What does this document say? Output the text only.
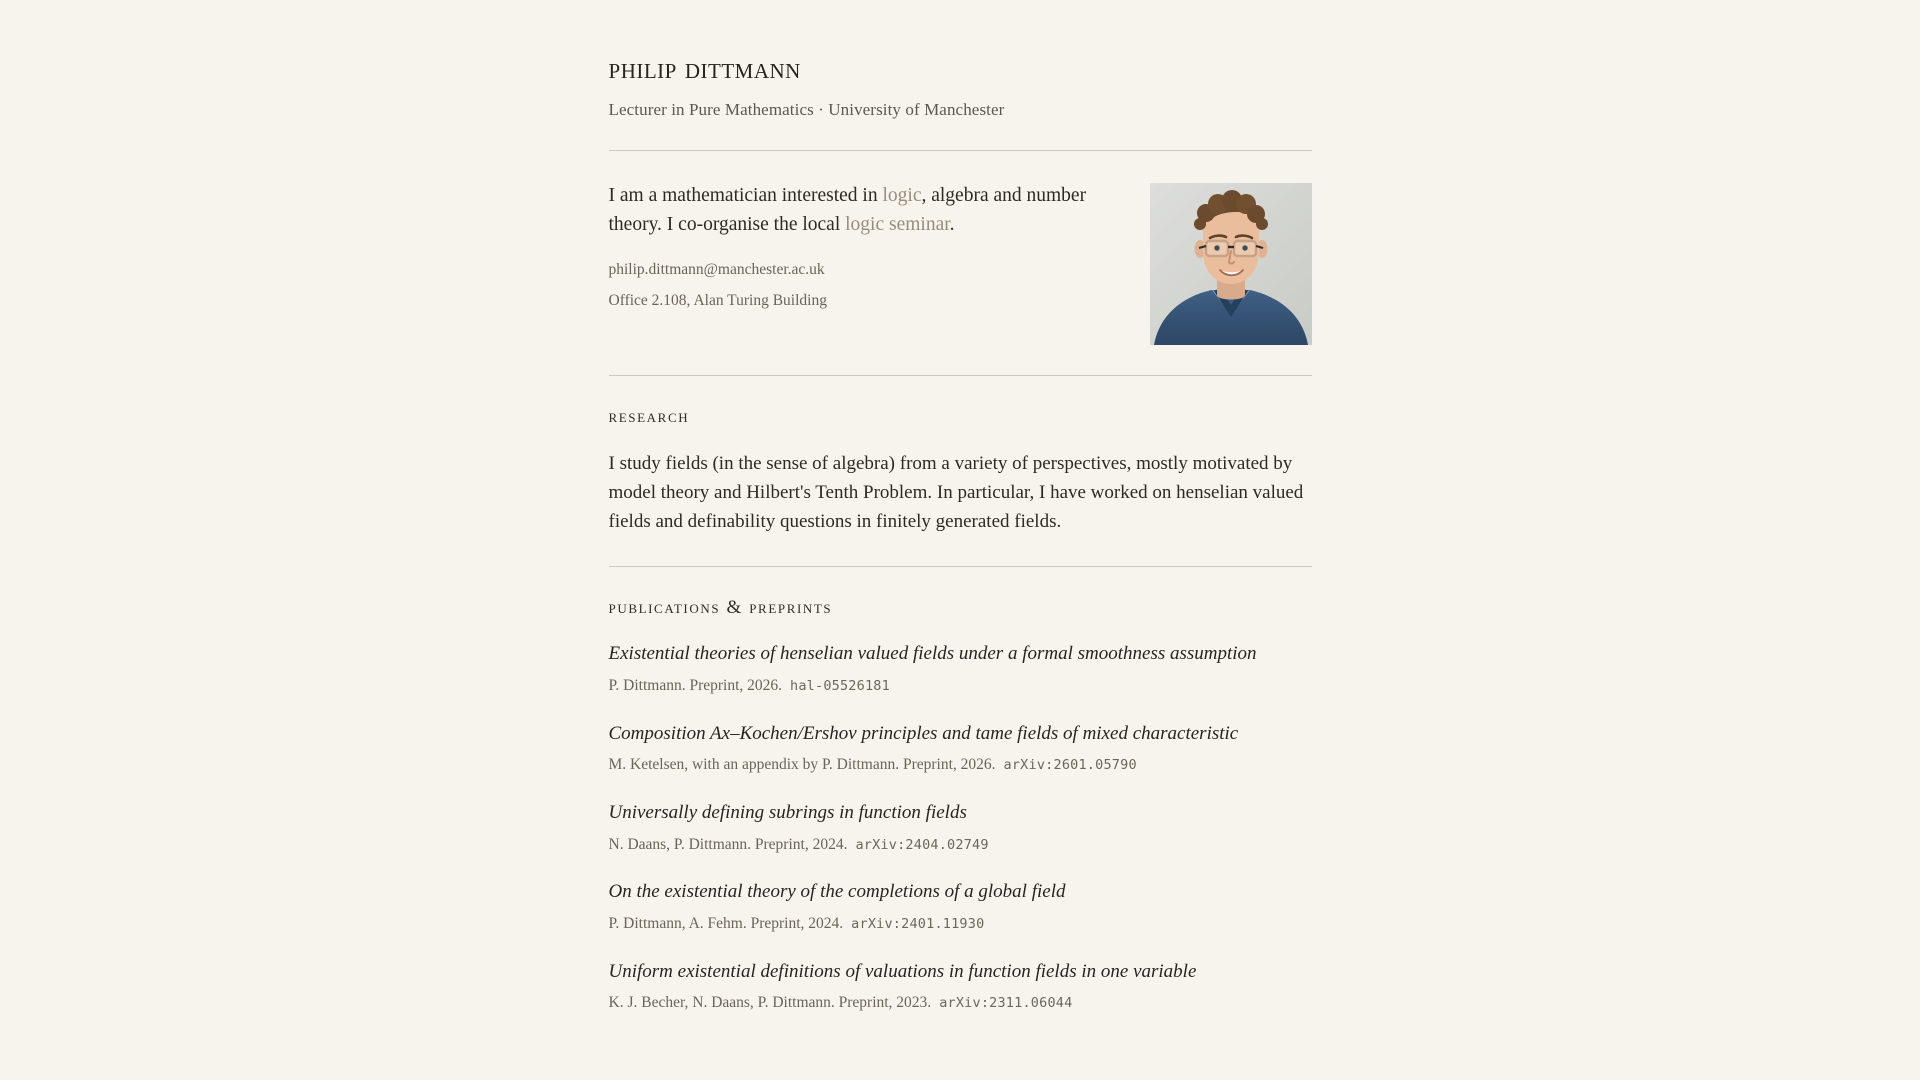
philip dittmann

Lecturer in Pure Mathematics · University of Manchester

I am a mathematician interested in logic, algebra and number theory. I co-organise the local logic seminar.

philip.dittmann@manchester.ac.uk

Office 2.108, Alan Turing Building

research

I study fields (in the sense of algebra) from a variety of perspectives, mostly motivated by model theory and Hilbert's Tenth Problem. In particular, I have worked on henselian valued fields and definability questions in finitely generated fields.

publications & preprints
Existential theories of henselian valued fields under a formal smoothness assumption
P. Dittmann. Preprint, 2026. hal-05526181
Composition Ax–Kochen/Ershov principles and tame fields of mixed characteristic
M. Ketelsen, with an appendix by P. Dittmann. Preprint, 2026. arXiv:2601.05790
Universally defining subrings in function fields
N. Daans, P. Dittmann. Preprint, 2024. arXiv:2404.02749
On the existential theory of the completions of a global field
P. Dittmann, A. Fehm. Preprint, 2024. arXiv:2401.11930
Uniform existential definitions of valuations in function fields in one variable
K. J. Becher, N. Daans, P. Dittmann. Preprint, 2023. arXiv:2311.06044
